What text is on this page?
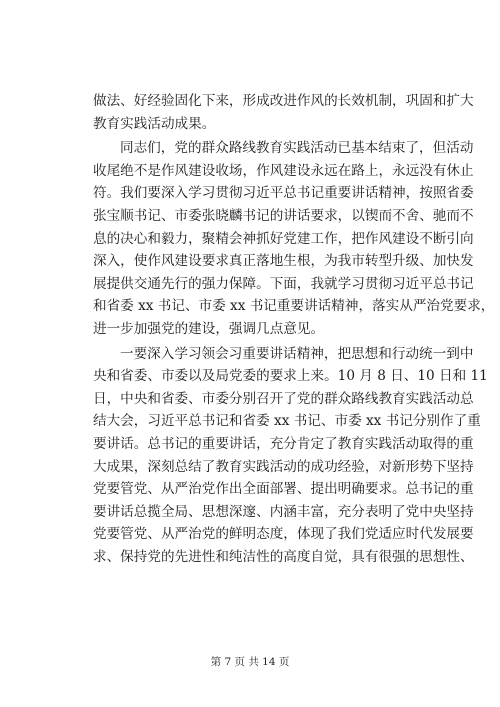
做法、好经验固化下来，形成改进作风的长效机制，巩固和扩大
教育实践活动成果。
同志们，党的群众路线教育实践活动已基本结束了，但活动
收尾绝不是作风建设收场，作风建设永远在路上，永远没有休止
符。我们要深入学习贯彻习近平总书记重要讲话精神，按照省委
张宝顺书记、市委张晓麟书记的讲话要求，以锲而不舍、驰而不
息的决心和毅力，聚精会神抓好党建工作，把作风建设不断引向
深入，使作风建设要求真正落地生根，为我市转型升级、加快发
展提供交通先行的强力保障。下面，我就学习贯彻习近平总书记
和省委 xx 书记、市委 xx 书记重要讲话精神，落实从严治党要求，
进一步加强党的建设，强调几点意见。
一要深入学习领会习重要讲话精神，把思想和行动统一到中
央和省委、市委以及局党委的要求上来。10 月 8 日、10 日和 11
日，中央和省委、市委分别召开了党的群众路线教育实践活动总
结大会，习近平总书记和省委 xx 书记、市委 xx 书记分别作了重
要讲话。总书记的重要讲话，充分肯定了教育实践活动取得的重
大成果，深刻总结了教育实践活动的成功经验，对新形势下坚持
党要管党、从严治党作出全面部署、提出明确要求。总书记的重
要讲话总揽全局、思想深邃、内涵丰富，充分表明了党中央坚持
党要管党、从严治党的鲜明态度，体现了我们党适应时代发展要
求、保持党的先进性和纯洁性的高度自觉，具有很强的思想性、
第 7 页 共 14 页
